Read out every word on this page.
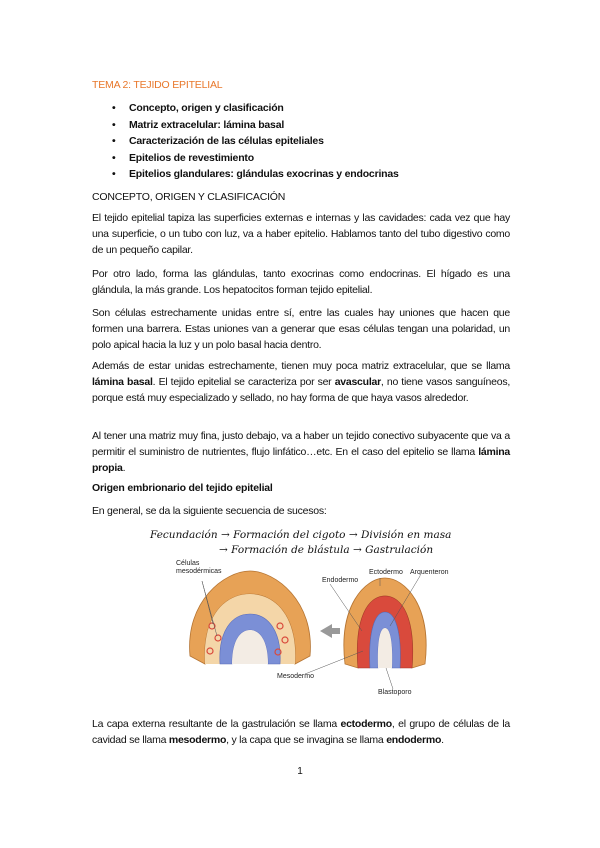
TEMA 2: TEJIDO EPITELIAL
• Concepto, origen y clasificación
• Matriz extracelular: lámina basal
• Caracterización de las células epiteliales
• Epitelios de revestimiento
• Epitelios glandulares: glándulas exocrinas y endocrinas
CONCEPTO, ORIGEN Y CLASIFICACIÓN

El tejido epitelial tapiza las superficies externas e internas y las cavidades: cada vez que hay una superficie, o un tubo con luz, va a haber epitelio. Hablamos tanto del tubo digestivo como de un pequeño capilar.

Por otro lado, forma las glándulas, tanto exocrinas como endocrinas. El hígado es una glándula, la más grande. Los hepatocitos forman tejido epitelial.

Son células estrechamente unidas entre sí, entre las cuales hay uniones que hacen que formen una barrera. Estas uniones van a generar que esas células tengan una polaridad, un polo apical hacia la luz y un polo basal hacia dentro.

Además de estar unidas estrechamente, tienen muy poca matriz extracelular, que se llama lámina basal. El tejido epitelial se caracteriza por ser avascular, no tiene vasos sanguíneos, porque está muy especializado y sellado, no hay forma de que haya vasos alrededor.

Al tener una matriz muy fina, justo debajo, va a haber un tejido conectivo subyacente que va a permitir el suministro de nutrientes, flujo linfático…etc. En el caso del epitelio se llama lámina propia.

Origen embrionario del tejido epitelial

En general, se da la siguiente secuencia de sucesos:

Fecundación → Formación del cigoto → División en masa
→ Formación de blástula → Gastrulación
Células
mesodérmicas
Endodermo
Ectodermo Arquenteron
Mesodermo
Blastoporo

La capa externa resultante de la gastrulación se llama ectodermo, el grupo de células de la cavidad se llama mesodermo, y la capa que se invagina se llama endodermo.

1
